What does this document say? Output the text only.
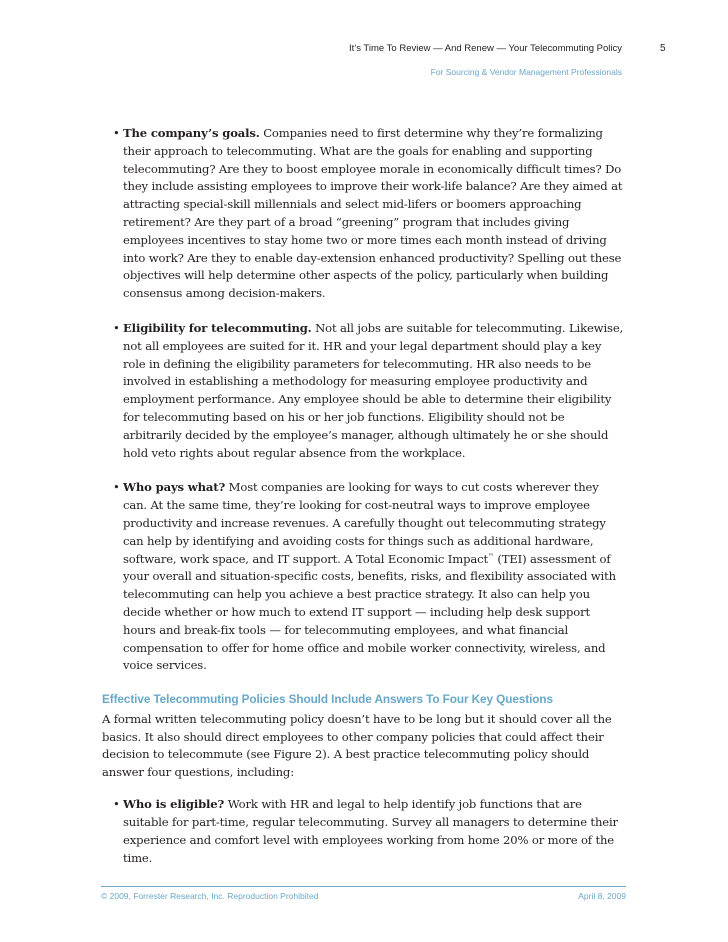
It’s Time To Review — And Renew — Your Telecommuting Policy
For Sourcing & Vendor Management Professionals
5
• The company’s goals. Companies need to first determine why they’re formalizing their approach to telecommuting. What are the goals for enabling and supporting telecommuting? Are they to boost employee morale in economically difficult times? Do they include assisting employees to improve their work-life balance? Are they aimed at attracting special-skill millennials and select mid-lifers or boomers approaching retirement? Are they part of a broad “greening” program that includes giving employees incentives to stay home two or more times each month instead of driving into work? Are they to enable day-extension enhanced productivity? Spelling out these objectives will help determine other aspects of the policy, particularly when building consensus among decision-makers.
• Eligibility for telecommuting. Not all jobs are suitable for telecommuting. Likewise, not all employees are suited for it. HR and your legal department should play a key role in defining the eligibility parameters for telecommuting. HR also needs to be involved in establishing a methodology for measuring employee productivity and employment performance. Any employee should be able to determine their eligibility for telecommuting based on his or her job functions. Eligibility should not be arbitrarily decided by the employee’s manager, although ultimately he or she should hold veto rights about regular absence from the workplace.
• Who pays what? Most companies are looking for ways to cut costs wherever they can. At the same time, they’re looking for cost-neutral ways to improve employee productivity and increase revenues. A carefully thought out telecommuting strategy can help by identifying and avoiding costs for things such as additional hardware, software, work space, and IT support. A Total Economic Impact™ (TEI) assessment of your overall and situation-specific costs, benefits, risks, and flexibility associated with telecommuting can help you achieve a best practice strategy. It also can help you decide whether or how much to extend IT support — including help desk support hours and break-fix tools — for telecommuting employees, and what financial compensation to offer for home office and mobile worker connectivity, wireless, and voice services.
Effective Telecommuting Policies Should Include Answers To Four Key Questions
A formal written telecommuting policy doesn’t have to be long but it should cover all the basics. It also should direct employees to other company policies that could affect their decision to telecommute (see Figure 2). A best practice telecommuting policy should answer four questions, including:
• Who is eligible? Work with HR and legal to help identify job functions that are suitable for part-time, regular telecommuting. Survey all managers to determine their experience and comfort level with employees working from home 20% or more of the time.
© 2009, Forrester Research, Inc. Reproduction Prohibited	April 8, 2009
